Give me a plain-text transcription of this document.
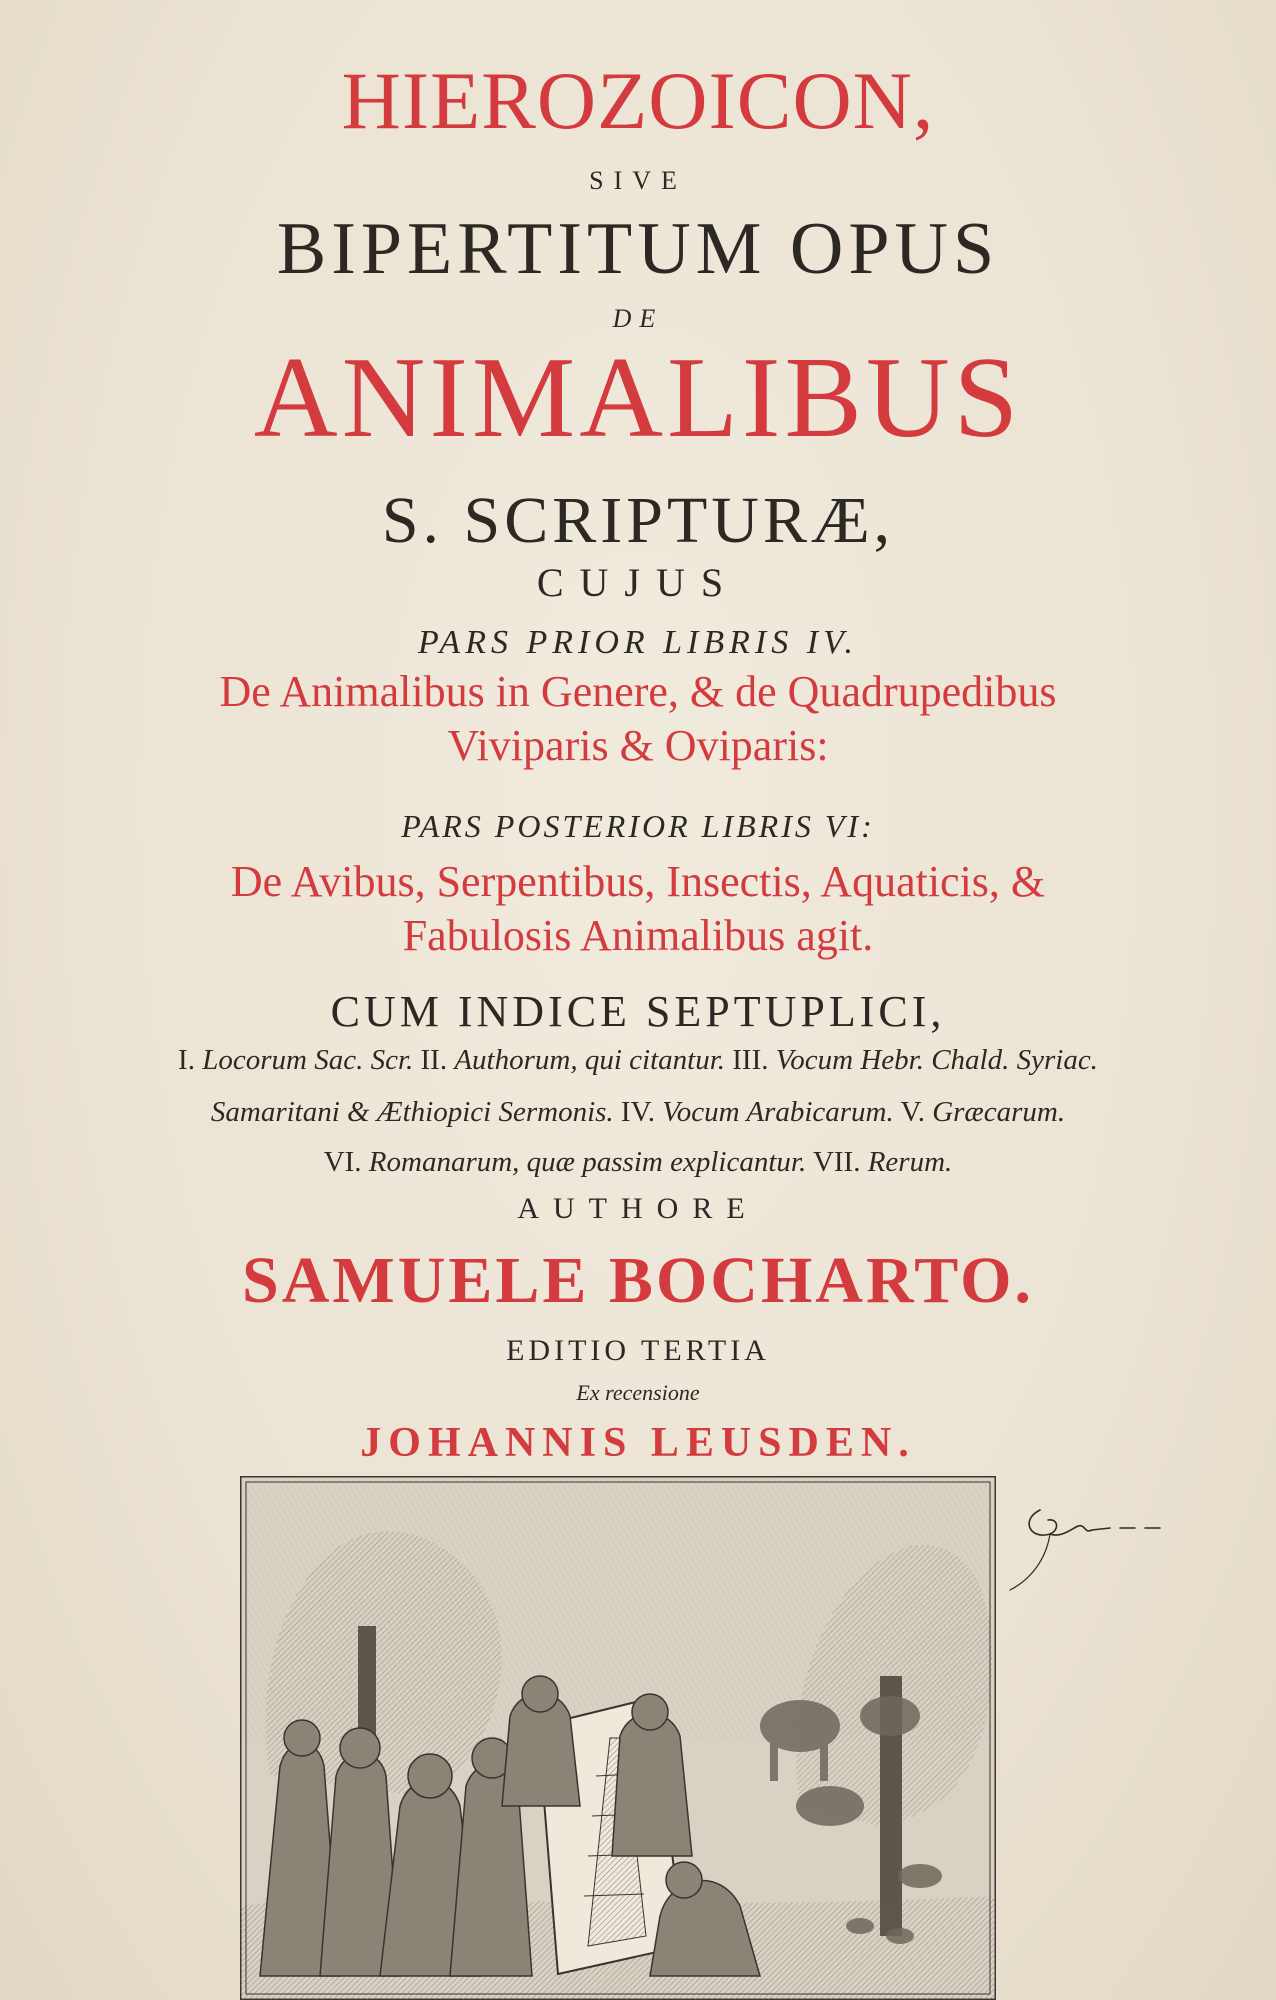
HIEROZOICON,
SIVE
BIPERTITUM OPUS
DE
ANIMALIBUS
S. SCRIPTURÆ,
CUJUS
PARS PRIOR LIBRIS IV.
De Animalibus in Genere, & de Quadrupedibus
Viviparis & Oviparis:
PARS POSTERIOR LIBRIS VI:
De Avibus, Serpentibus, Insectis, Aquaticis, &
Fabulosis Animalibus agit.
CUM INDICE SEPTUPLICI,
I. Locorum Sac. Scr. II. Authorum, qui citantur. III. Vocum Hebr. Chald. Syriac.
Samaritani & Æthiopici Sermonis. IV. Vocum Arabicarum. V. Græcarum.
VI. Romanarum, quæ passim explicantur. VII. Rerum.
AUTHORE
SAMUELE BOCHARTO.
EDITIO TERTIA
Ex recensione
JOHANNIS LEUSDEN.
